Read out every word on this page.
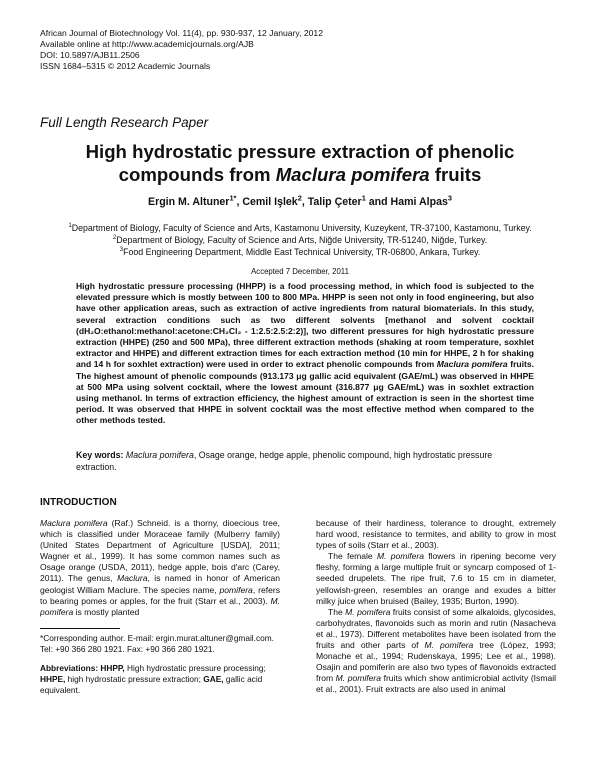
African Journal of Biotechnology Vol. 11(4), pp. 930-937, 12 January, 2012
Available online at http://www.academicjournals.org/AJB
DOI: 10.5897/AJB11.2506
ISSN 1684–5315 © 2012 Academic Journals
Full Length Research Paper
High hydrostatic pressure extraction of phenolic
compounds from Maclura pomifera fruits
Ergin M. Altuner$^{1*}$, Cemil Işlek$^2$, Talip Çeter$^1$ and Hami Alpas$^3$
$^1$Department of Biology, Faculty of Science and Arts, Kastamonu University, Kuzeykent, TR-37100, Kastamonu, Turkey.
$^2$Department of Biology, Faculty of Science and Arts, Niğde University, TR-51240, Niğde, Turkey.
$^3$Food Engineering Department, Middle East Technical University, TR-06800, Ankara, Turkey.
Accepted 7 December, 2011
High hydrostatic pressure processing (HHPP) is a food processing method, in which food is subjected to the elevated pressure which is mostly between 100 to 800 MPa. HHPP is seen not only in food engineering, but also have other application areas, such as extraction of active ingredients from natural biomaterials. In this study, several extraction conditions such as two different solvents [methanol and solvent cocktail (dH₂O:ethanol:methanol:acetone:CH₂Cl₂ - 1:2.5:2.5:2:2)], two different pressures for high hydrostatic pressure extraction (HHPE) (250 and 500 MPa), three different extraction methods (shaking at room temperature, soxhlet extractor and HHPE) and different extraction times for each extraction method (10 min for HHPE, 2 h for shaking and 14 h for soxhlet extraction) were used in order to extract phenolic compounds from Maclura pomifera fruits. The highest amount of phenolic compounds (913.173 μg gallic acid equivalent (GAE/mL) was observed in HHPE at 500 MPa using solvent cocktail, where the lowest amount (316.877 μg GAE/mL) was in soxhlet extraction using methanol. In terms of extraction efficiency, the highest amount of extraction is seen in the shortest time period. It was observed that HHPE in solvent cocktail was the most effective method when compared to the other methods tested.
Key words: Maclura pomifera, Osage orange, hedge apple, phenolic compound, high hydrostatic pressure extraction.
INTRODUCTION

Maclura pomifera (Raf.) Schneid. is a thorny, dioecious tree, which is classified under Moraceae family (Mulberry family) (United States Department of Agriculture [USDA], 2011; Wagner et al., 1999). It has some common names such as Osage orange (USDA, 2011), hedge apple, bois d'arc (Carey, 2011). The genus, Maclura, is named in honor of American geologist William Maclure. The species name, pomifera, refers to bearing pomes or apples, for the fruit (Starr et al., 2003). M. pomifera is mostly planted

*Corresponding author. E-mail: ergin.murat.altuner@gmail.com.
Tel: +90 366 280 1921. Fax: +90 366 280 1921.
Abbreviations: HHPP, High hydrostatic pressure processing; HHPE, high hydrostatic pressure extraction; GAE, gallic acid equivalent.

because of their hardiness, tolerance to drought, extremely hard wood, resistance to termites, and ability to grow in most types of soils (Starr et al., 2003).

The female M. pomifera flowers in ripening become very fleshy, forming a large multiple fruit or syncarp composed of 1-seeded drupelets. The ripe fruit, 7.6 to 15 cm in diameter, yellowish-green, resembles an orange and exudes a bitter milky juice when bruised (Bailey, 1935; Burton, 1990).

The M. pomifera fruits consist of some alkaloids, glycosides, carbohydrates, flavonoids such as morin and rutin (Nasacheva et al., 1973). Different metabolites have been isolated from the fruits and other parts of M. pomifera tree (López, 1993; Monache et al., 1994; Rudenskaya, 1995; Lee et al., 1998). Osajin and pomiferin are also two types of flavonoids extracted from M. pomifera fruits which show antimicrobial activity (Ismail et al., 2001). Fruit extracts are also used in animal
